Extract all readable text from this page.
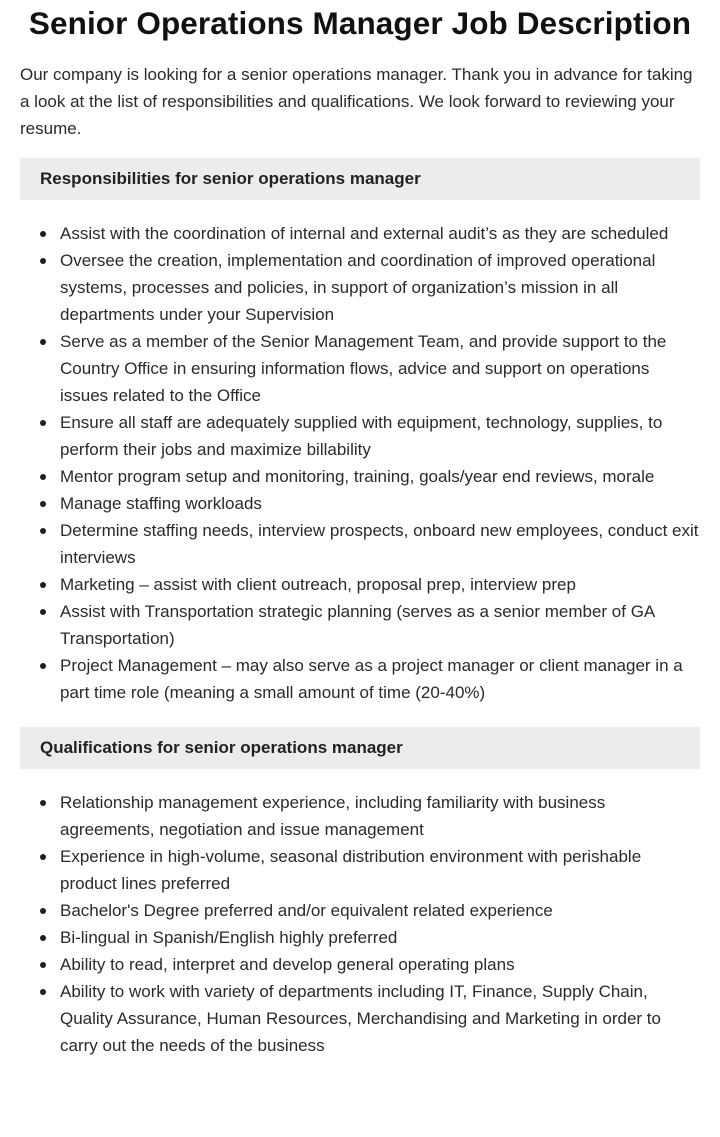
Senior Operations Manager Job Description

Our company is looking for a senior operations manager. Thank you in advance for taking a look at the list of responsibilities and qualifications. We look forward to reviewing your resume.

Responsibilities for senior operations manager
Assist with the coordination of internal and external audit’s as they are scheduled
Oversee the creation, implementation and coordination of improved operational systems, processes and policies, in support of organization’s mission in all departments under your Supervision
Serve as a member of the Senior Management Team, and provide support to the Country Office in ensuring information flows, advice and support on operations issues related to the Office
Ensure all staff are adequately supplied with equipment, technology, supplies, to perform their jobs and maximize billability
Mentor program setup and monitoring, training, goals/year end reviews, morale
Manage staffing workloads
Determine staffing needs, interview prospects, onboard new employees, conduct exit interviews
Marketing – assist with client outreach, proposal prep, interview prep
Assist with Transportation strategic planning (serves as a senior member of GA Transportation)
Project Management – may also serve as a project manager or client manager in a part time role (meaning a small amount of time (20-40%)
Qualifications for senior operations manager
Relationship management experience, including familiarity with business agreements, negotiation and issue management
Experience in high-volume, seasonal distribution environment with perishable product lines preferred
Bachelor's Degree preferred and/or equivalent related experience
Bi-lingual in Spanish/English highly preferred
Ability to read, interpret and develop general operating plans
Ability to work with variety of departments including IT, Finance, Supply Chain, Quality Assurance, Human Resources, Merchandising and Marketing in order to carry out the needs of the business
